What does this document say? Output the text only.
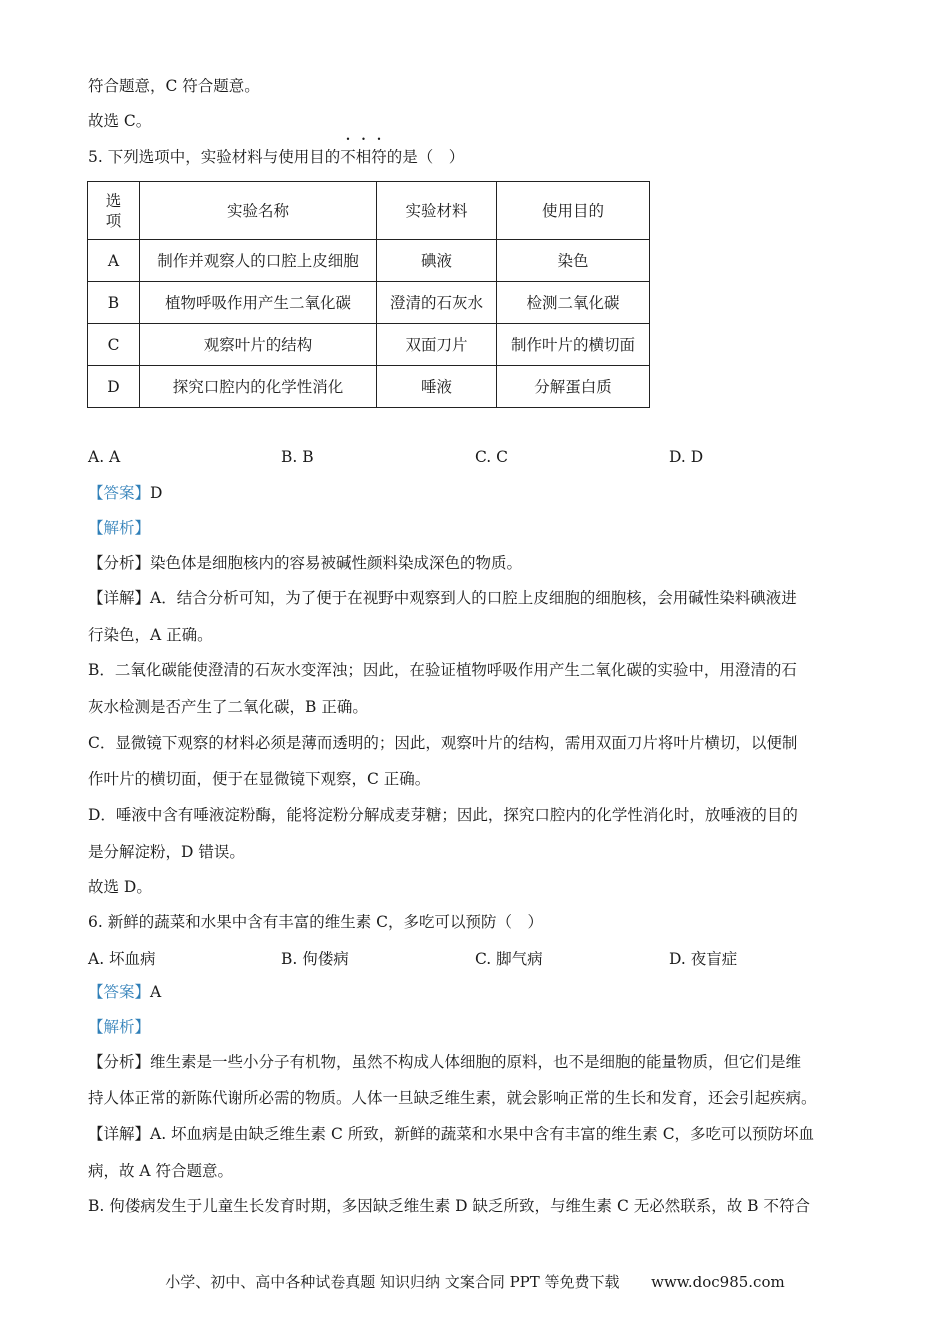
符合题意，C 符合题意。
故选 C。
5. 下列选项中，实验材料与使用目的不相符的是（　）
选项	实验名称	实验材料	使用目的
A	制作并观察人的口腔上皮细胞	碘液	染色
B	植物呼吸作用产生二氧化碳	澄清的石灰水	检测二氧化碳
C	观察叶片的结构	双面刀片	制作叶片的横切面
D	探究口腔内的化学性消化	唾液	分解蛋白质
A. A	B. B	C. C	D. D
【答案】D
【解析】
【分析】染色体是细胞核内的容易被碱性颜料染成深色的物质。
【详解】A．结合分析可知，为了便于在视野中观察到人的口腔上皮细胞的细胞核，会用碱性染料碘液进
行染色，A 正确。
B．二氧化碳能使澄清的石灰水变浑浊；因此，在验证植物呼吸作用产生二氧化碳的实验中，用澄清的石
灰水检测是否产生了二氧化碳，B 正确。
C．显微镜下观察的材料必须是薄而透明的；因此，观察叶片的结构，需用双面刀片将叶片横切，以便制
作叶片的横切面，便于在显微镜下观察，C 正确。
D．唾液中含有唾液淀粉酶，能将淀粉分解成麦芽糖；因此，探究口腔内的化学性消化时，放唾液的目的
是分解淀粉，D 错误。
故选 D。
6. 新鲜的蔬菜和水果中含有丰富的维生素 C，多吃可以预防（　）
A. 坏血病	B. 佝偻病	C. 脚气病	D. 夜盲症
【答案】A
【解析】
【分析】维生素是一些小分子有机物，虽然不构成人体细胞的原料，也不是细胞的能量物质，但它们是维
持人体正常的新陈代谢所必需的物质。人体一旦缺乏维生素，就会影响正常的生长和发育，还会引起疾病。
【详解】A. 坏血病是由缺乏维生素 C 所致，新鲜的蔬菜和水果中含有丰富的维生素 C，多吃可以预防坏血
病，故 A 符合题意。
B. 佝偻病发生于儿童生长发育时期，多因缺乏维生素 D 缺乏所致，与维生素 C 无必然联系，故 B 不符合
小学、初中、高中各种试卷真题 知识归纳 文案合同 PPT 等免费下载 www.doc985.com
